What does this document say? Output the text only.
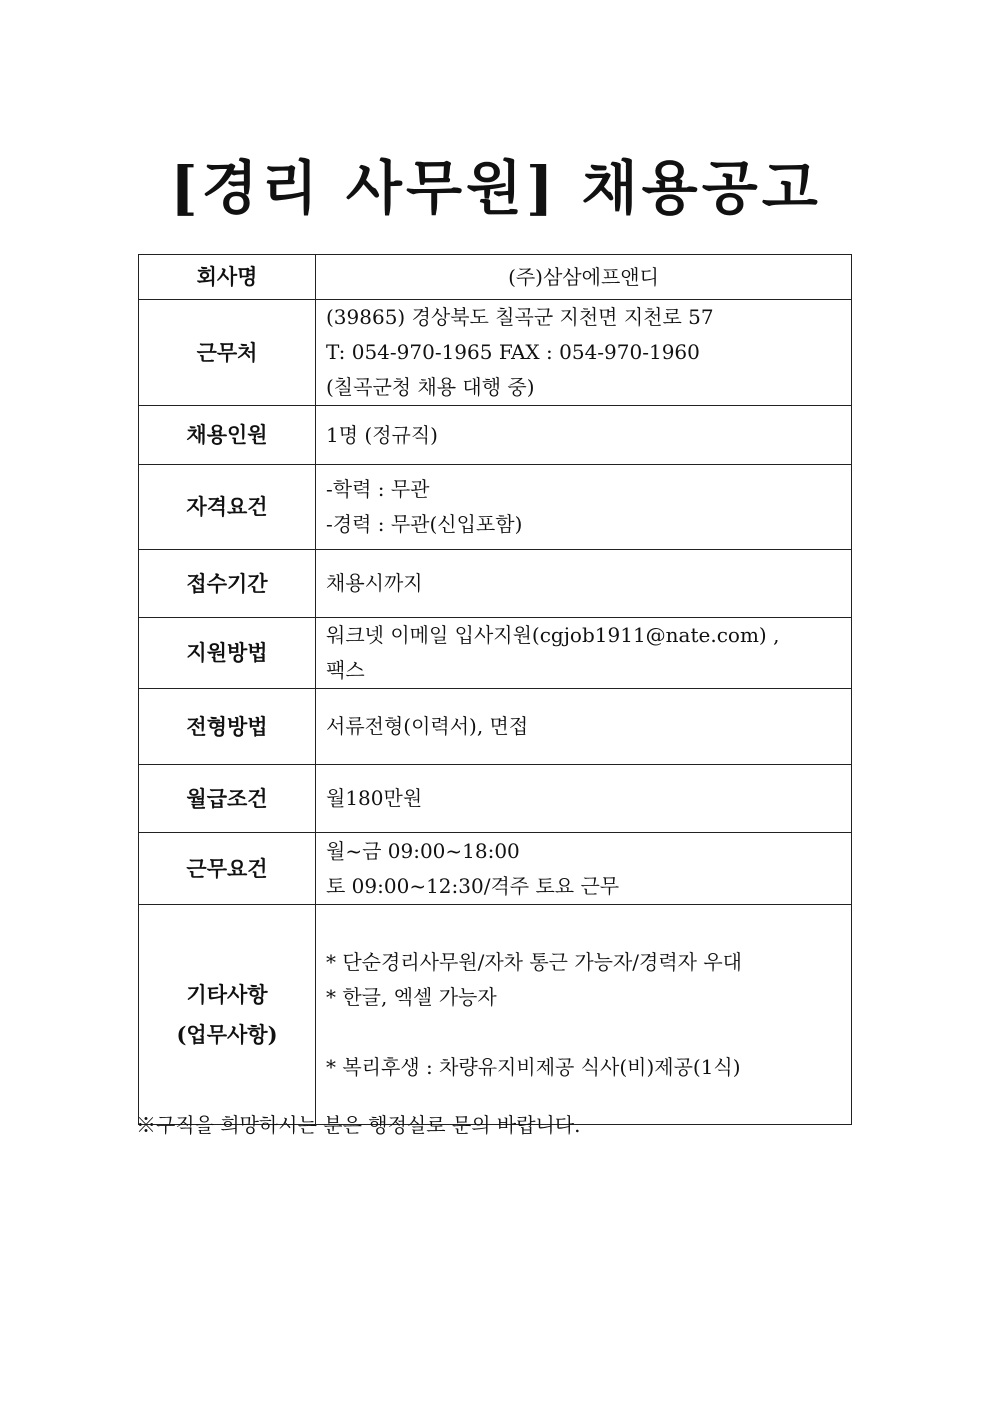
[경리 사무원] 채용공고
회사명	(주)삼삼에프앤디

근무처	(39865) 경상북도 칠곡군 지천면 지천로 57
T: 054-970-1965 FAX : 054-970-1960
(칠곡군청 채용 대행 중)

채용인원	1명 (정규직)

자격요건	-학력 : 무관
-경력 : 무관(신입포함)

접수기간	채용시까지

지원방법	워크넷 이메일 입사지원(cgjob1911@nate.com) ,
팩스

전형방법	서류전형(이력서), 면접

월급조건	월180만원

근무요건	월~금 09:00~18:00
토 09:00~12:30/격주 토요 근무

기타사항
(업무사항)	* 단순경리사무원/자차 통근 가능자/경력자 우대
* 한글, 엑셀 가능자
* 복리후생 : 차량유지비제공 식사(비)제공(1식)
※구직을 희망하시는 분은 행정실로 문의 바랍니다.
